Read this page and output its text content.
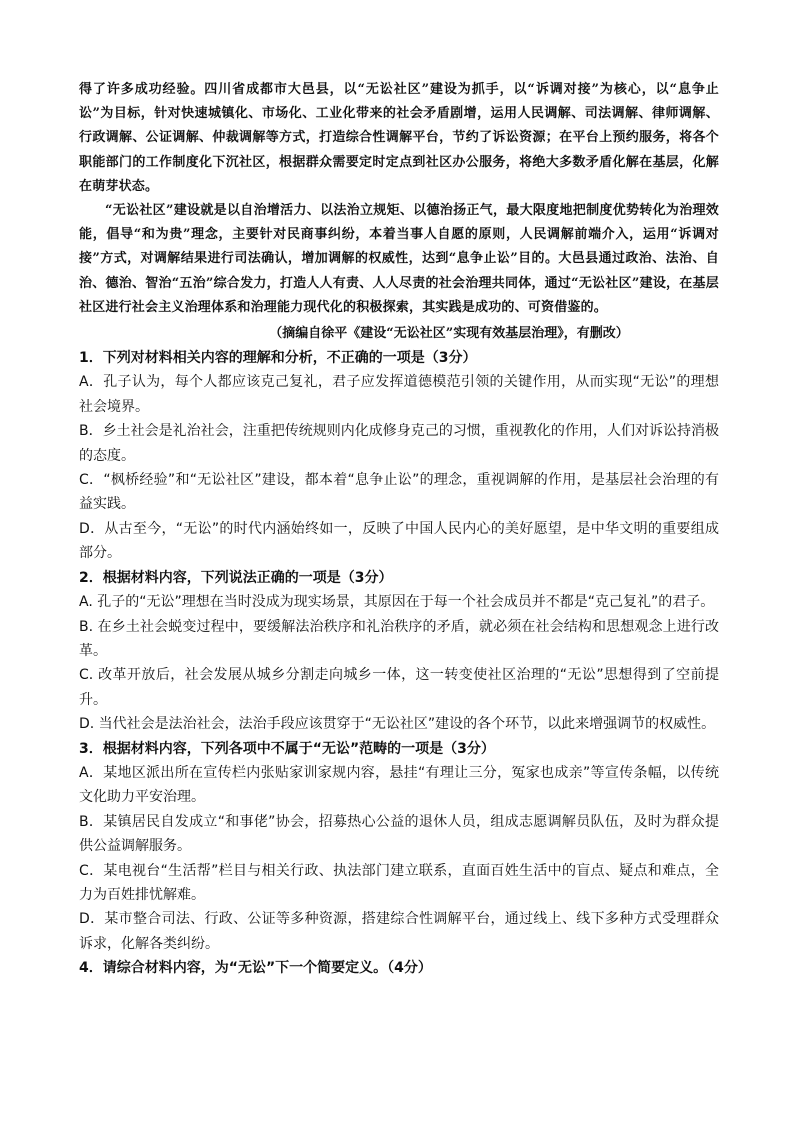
得了许多成功经验。四川省成都市大邑县，以“无讼社区”建设为抓手，以“诉调对接”为核心，以“息争止讼”为目标，针对快速城镇化、市场化、工业化带来的社会矛盾剧增，运用人民调解、司法调解、律师调解、行政调解、公证调解、仲裁调解等方式，打造综合性调解平台，节约了诉讼资源；在平台上预约服务，将各个职能部门的工作制度化下沉社区，根据群众需要定时定点到社区办公服务，将绝大多数矛盾化解在基层，化解在萌芽状态。

“无讼社区”建设就是以自治增活力、以法治立规矩、以德治扬正气，最大限度地把制度优势转化为治理效能，倡导“和为贵”理念，主要针对民商事纠纷，本着当事人自愿的原则，人民调解前端介入，运用“诉调对接”方式，对调解结果进行司法确认，增加调解的权威性，达到“息争止讼”目的。大邑县通过政治、法治、自治、德治、智治“五治”综合发力，打造人人有责、人人尽责的社会治理共同体，通过“无讼社区”建设，在基层社区进行社会主义治理体系和治理能力现代化的积极探索，其实践是成功的、可资借鉴的。

（摘编自徐平《建设“无讼社区”实现有效基层治理》，有删改）

1．下列对材料相关内容的理解和分析，不正确的一项是（3分）

A．孔子认为，每个人都应该克己复礼，君子应发挥道德模范引领的关键作用，从而实现“无讼”的理想社会境界。

B．乡土社会是礼治社会，注重把传统规则内化成修身克己的习惯，重视教化的作用，人们对诉讼持消极的态度。

C．“枫桥经验”和“无讼社区”建设，都本着“息争止讼”的理念，重视调解的作用，是基层社会治理的有益实践。

D．从古至今，“无讼”的时代内涵始终如一，反映了中国人民内心的美好愿望，是中华文明的重要组成部分。

2．根据材料内容，下列说法正确的一项是（3分）

A. 孔子的“无讼”理想在当时没成为现实场景，其原因在于每一个社会成员并不都是“克己复礼”的君子。

B. 在乡土社会蜕变过程中，要缓解法治秩序和礼治秩序的矛盾，就必须在社会结构和思想观念上进行改革。

C. 改革开放后，社会发展从城乡分割走向城乡一体，这一转变使社区治理的“无讼”思想得到了空前提升。

D. 当代社会是法治社会，法治手段应该贯穿于“无讼社区”建设的各个环节，以此来增强调节的权威性。

3．根据材料内容，下列各项中不属于“无讼”范畴的一项是（3分）

A．某地区派出所在宣传栏内张贴家训家规内容，悬挂“有理让三分，冤家也成亲”等宣传条幅，以传统文化助力平安治理。

B．某镇居民自发成立“和事佬”协会，招募热心公益的退休人员，组成志愿调解员队伍，及时为群众提供公益调解服务。

C．某电视台“生活帮”栏目与相关行政、执法部门建立联系，直面百姓生活中的盲点、疑点和难点，全力为百姓排忧解难。

D．某市整合司法、行政、公证等多种资源，搭建综合性调解平台，通过线上、线下多种方式受理群众诉求，化解各类纠纷。

4．请综合材料内容，为“无讼”下一个简要定义。（4分）
